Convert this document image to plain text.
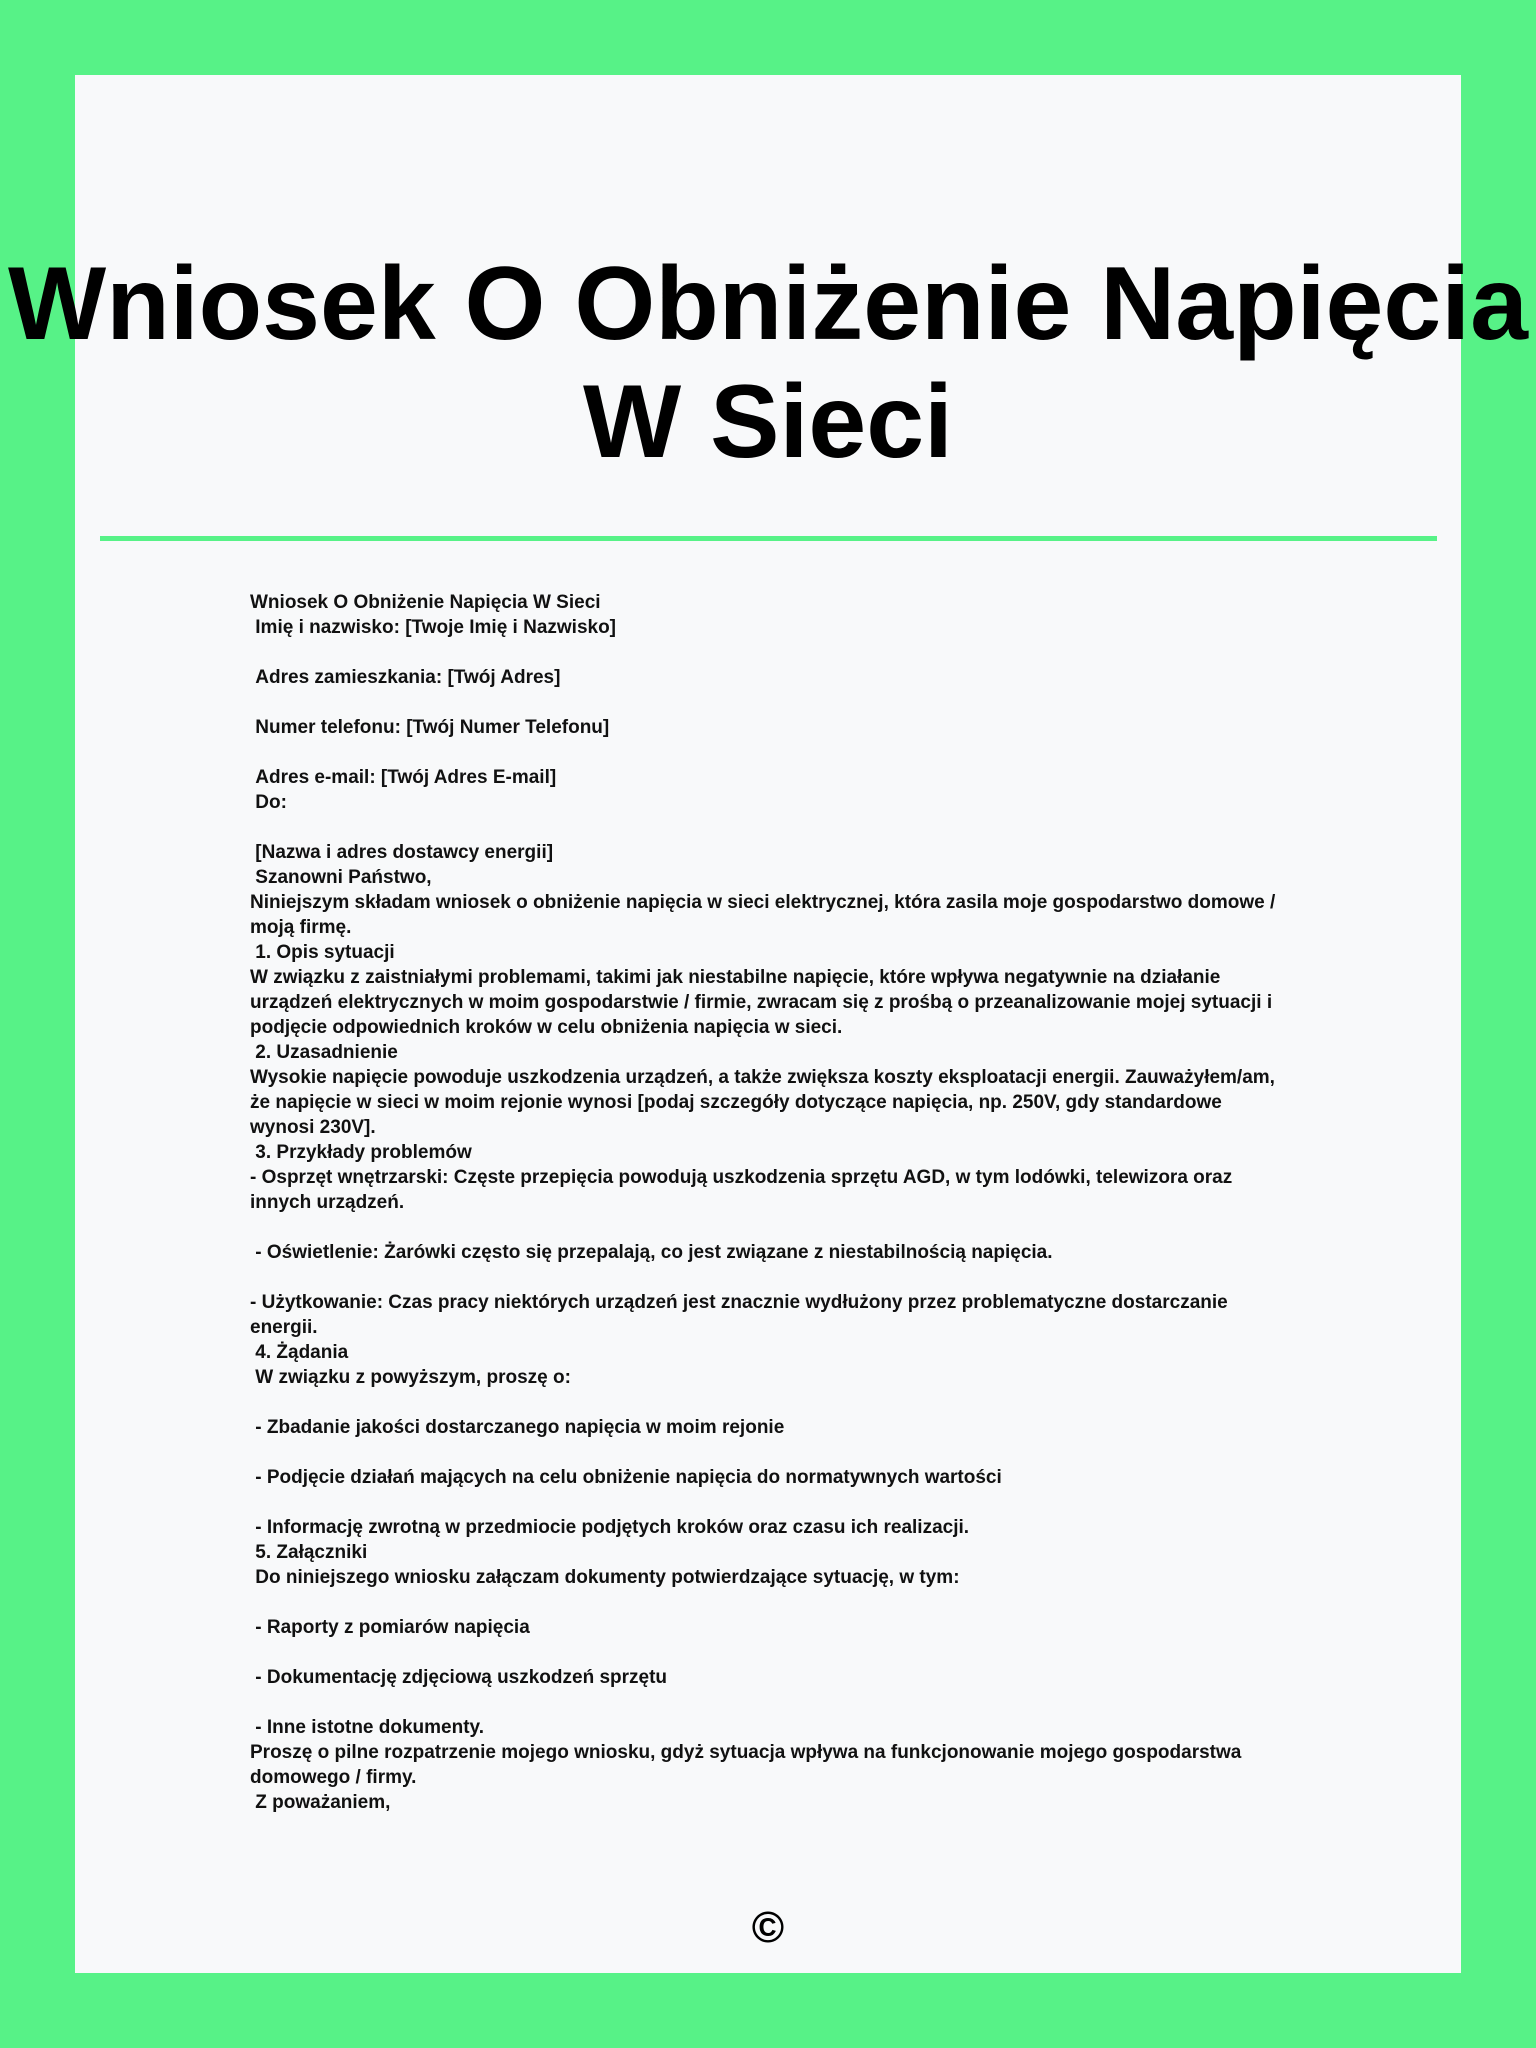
Wniosek O Obniżenie Napięcia W Sieci
Wniosek O Obniżenie Napięcia W Sieci
Imię i nazwisko: [Twoje Imię i Nazwisko]
Adres zamieszkania: [Twój Adres]
Numer telefonu: [Twój Numer Telefonu]
Adres e-mail: [Twój Adres E-mail]
Do:
[Nazwa i adres dostawcy energii]
Szanowni Państwo,
Niniejszym składam wniosek o obniżenie napięcia w sieci elektrycznej, która zasila moje gospodarstwo domowe / moją firmę.
1. Opis sytuacji
W związku z zaistniałymi problemami, takimi jak niestabilne napięcie, które wpływa negatywnie na działanie urządzeń elektrycznych w moim gospodarstwie / firmie, zwracam się z prośbą o przeanalizowanie mojej sytuacji i podjęcie odpowiednich kroków w celu obniżenia napięcia w sieci.
2. Uzasadnienie
Wysokie napięcie powoduje uszkodzenia urządzeń, a także zwiększa koszty eksploatacji energii. Zauważyłem/am, że napięcie w sieci w moim rejonie wynosi [podaj szczegóły dotyczące napięcia, np. 250V, gdy standardowe wynosi 230V].
3. Przykłady problemów
- Osprzęt wnętrzarski: Częste przepięcia powodują uszkodzenia sprzętu AGD, w tym lodówki, telewizora oraz innych urządzeń.
- Oświetlenie: Żarówki często się przepalają, co jest związane z niestabilnością napięcia.
- Użytkowanie: Czas pracy niektórych urządzeń jest znacznie wydłużony przez problematyczne dostarczanie energii.
4. Żądania
W związku z powyższym, proszę o:
- Zbadanie jakości dostarczanego napięcia w moim rejonie
- Podjęcie działań mających na celu obniżenie napięcia do normatywnych wartości
- Informację zwrotną w przedmiocie podjętych kroków oraz czasu ich realizacji.
5. Załączniki
Do niniejszego wniosku załączam dokumenty potwierdzające sytuację, w tym:
- Raporty z pomiarów napięcia
- Dokumentację zdjęciową uszkodzeń sprzętu
- Inne istotne dokumenty.
Proszę o pilne rozpatrzenie mojego wniosku, gdyż sytuacja wpływa na funkcjonowanie mojego gospodarstwa domowego / firmy.
Z poważaniem,
©
